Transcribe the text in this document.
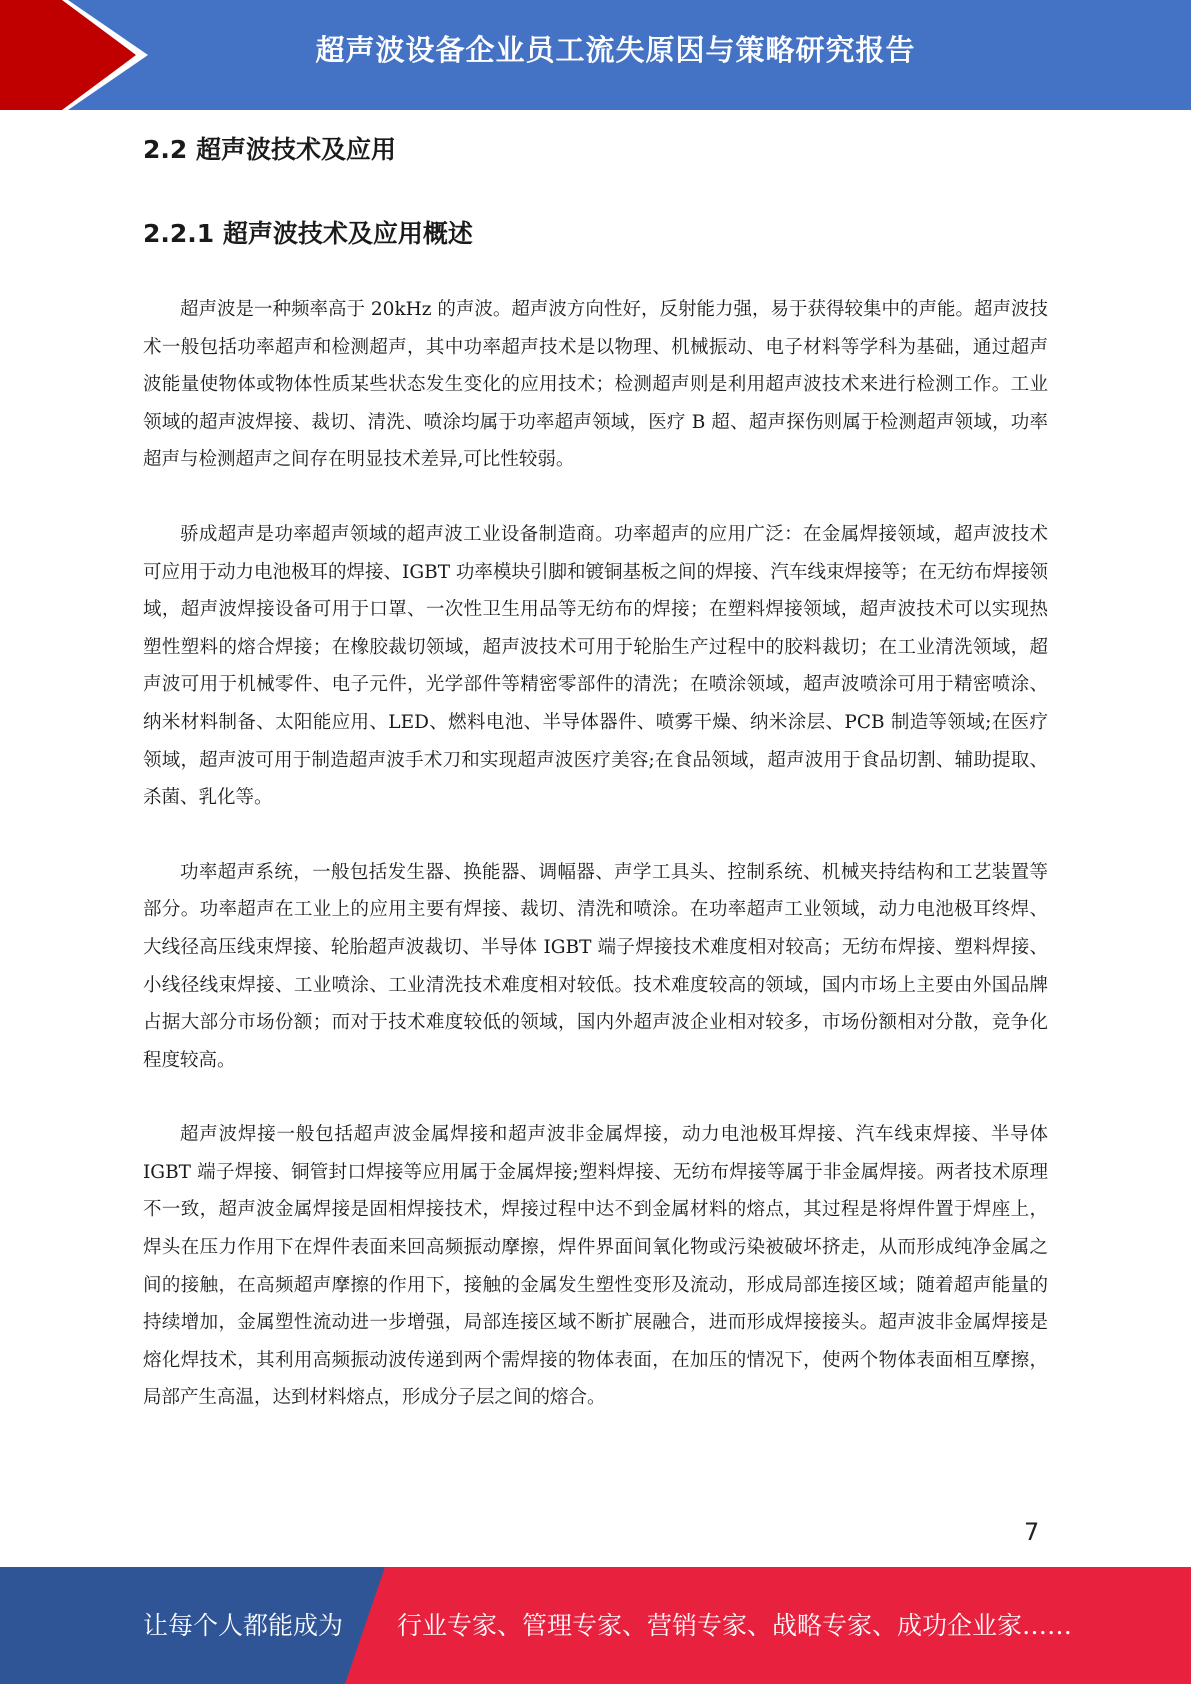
超声波设备企业员工流失原因与策略研究报告
2.2 超声波技术及应用
2.2.1 超声波技术及应用概述

超声波是一种频率高于 20kHz 的声波。超声波方向性好，反射能力强，易于获得较集中的声能。超声波技术一般包括功率超声和检测超声，其中功率超声技术是以物理、机械振动、电子材料等学科为基础，通过超声波能量使物体或物体性质某些状态发生变化的应用技术；检测超声则是利用超声波技术来进行检测工作。工业领域的超声波焊接、裁切、清洗、喷涂均属于功率超声领域，医疗 B 超、超声探伤则属于检测超声领域，功率超声与检测超声之间存在明显技术差异,可比性较弱。

骄成超声是功率超声领域的超声波工业设备制造商。功率超声的应用广泛：在金属焊接领域，超声波技术可应用于动力电池极耳的焊接、IGBT 功率模块引脚和镀铜基板之间的焊接、汽车线束焊接等；在无纺布焊接领域，超声波焊接设备可用于口罩、一次性卫生用品等无纺布的焊接；在塑料焊接领域，超声波技术可以实现热塑性塑料的熔合焊接；在橡胶裁切领域，超声波技术可用于轮胎生产过程中的胶料裁切；在工业清洗领域，超声波可用于机械零件、电子元件，光学部件等精密零部件的清洗；在喷涂领域，超声波喷涂可用于精密喷涂、纳米材料制备、太阳能应用、LED、燃料电池、半导体器件、喷雾干燥、纳米涂层、PCB 制造等领域;在医疗领域，超声波可用于制造超声波手术刀和实现超声波医疗美容;在食品领域，超声波用于食品切割、辅助提取、杀菌、乳化等。

功率超声系统，一般包括发生器、换能器、调幅器、声学工具头、控制系统、机械夹持结构和工艺装置等部分。功率超声在工业上的应用主要有焊接、裁切、清洗和喷涂。在功率超声工业领域，动力电池极耳终焊、大线径高压线束焊接、轮胎超声波裁切、半导体 IGBT 端子焊接技术难度相对较高；无纺布焊接、塑料焊接、小线径线束焊接、工业喷涂、工业清洗技术难度相对较低。技术难度较高的领域，国内市场上主要由外国品牌占据大部分市场份额；而对于技术难度较低的领域，国内外超声波企业相对较多，市场份额相对分散，竞争化程度较高。

超声波焊接一般包括超声波金属焊接和超声波非金属焊接，动力电池极耳焊接、汽车线束焊接、半导体 IGBT 端子焊接、铜管封口焊接等应用属于金属焊接;塑料焊接、无纺布焊接等属于非金属焊接。两者技术原理不一致，超声波金属焊接是固相焊接技术，焊接过程中达不到金属材料的熔点，其过程是将焊件置于焊座上，焊头在压力作用下在焊件表面来回高频振动摩擦，焊件界面间氧化物或污染被破坏挤走，从而形成纯净金属之间的接触，在高频超声摩擦的作用下，接触的金属发生塑性变形及流动，形成局部连接区域；随着超声能量的持续增加，金属塑性流动进一步增强，局部连接区域不断扩展融合，进而形成焊接接头。超声波非金属焊接是熔化焊技术，其利用高频振动波传递到两个需焊接的物体表面，在加压的情况下，使两个物体表面相互摩擦，局部产生高温，达到材料熔点，形成分子层之间的熔合。

7
让每个人都能成为 行业专家、管理专家、营销专家、战略专家、成功企业家……
